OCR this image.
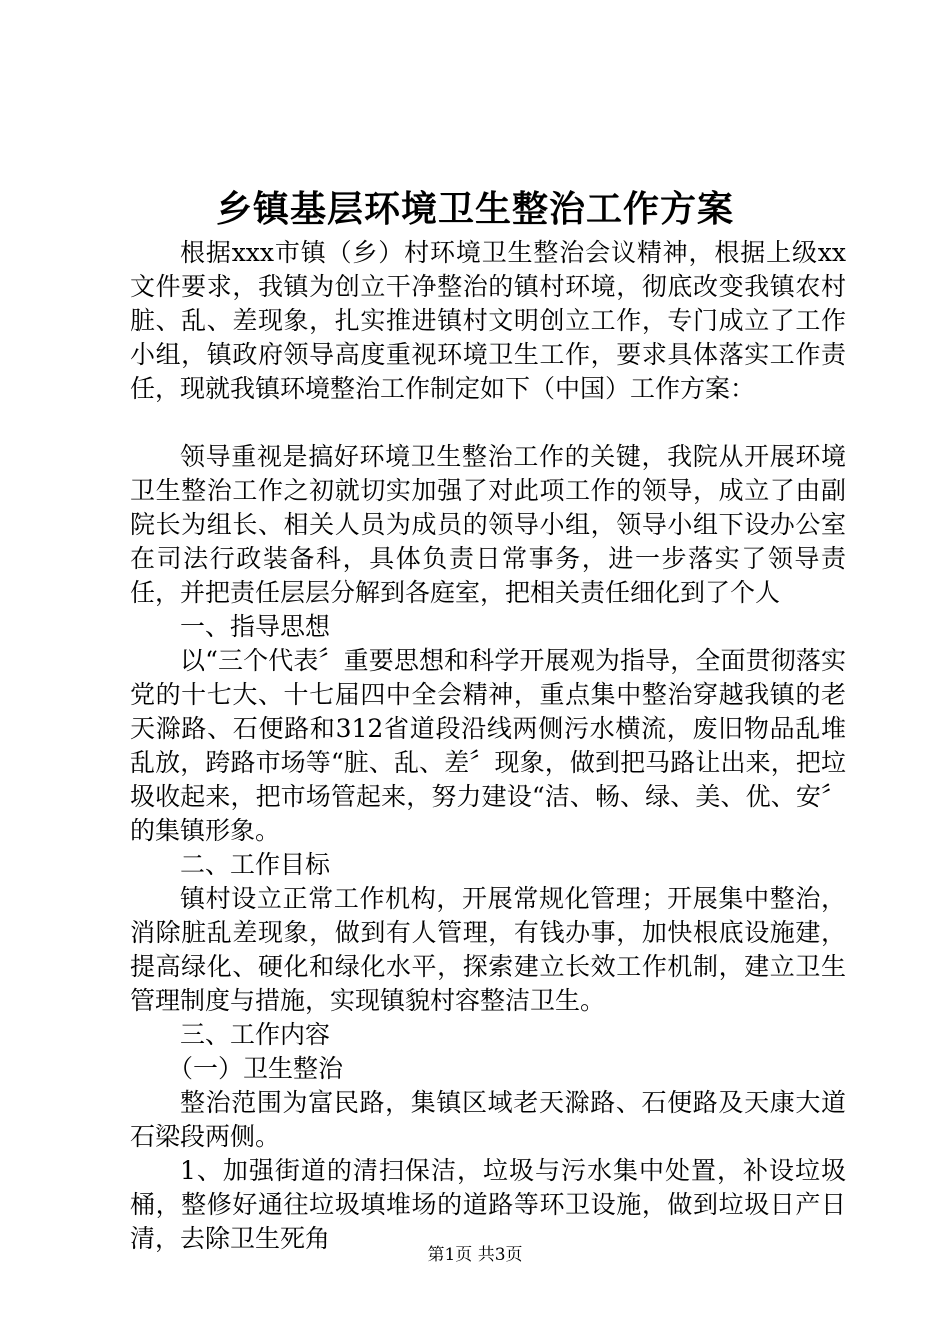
乡镇基层环境卫生整治工作方案

根据xxx市镇（乡）村环境卫生整治会议精神，根据上级xx文件要求，我镇为创立干净整治的镇村环境，彻底改变我镇农村脏、乱、差现象，扎实推进镇村文明创立工作，专门成立了工作小组，镇政府领导高度重视环境卫生工作，要求具体落实工作责任，现就我镇环境整治工作制定如下（中国）工作方案：

领导重视是搞好环境卫生整治工作的关键，我院从开展环境卫生整治工作之初就切实加强了对此项工作的领导，成立了由副院长为组长、相关人员为成员的领导小组，领导小组下设办公室在司法行政装备科，具体负责日常事务，进一步落实了领导责任，并把责任层层分解到各庭室，把相关责任细化到了个人

一、指导思想

以“三个代表〞重要思想和科学开展观为指导，全面贯彻落实党的十七大、十七届四中全会精神，重点集中整治穿越我镇的老天滁路、石便路和312省道段沿线两侧污水横流，废旧物品乱堆乱放，跨路市场等“脏、乱、差〞现象，做到把马路让出来，把垃圾收起来，把市场管起来，努力建设“洁、畅、绿、美、优、安〞的集镇形象。

二、工作目标

镇村设立正常工作机构，开展常规化管理；开展集中整治，消除脏乱差现象，做到有人管理，有钱办事，加快根底设施建，提高绿化、硬化和绿化水平，探索建立长效工作机制，建立卫生管理制度与措施，实现镇貌村容整洁卫生。

三、工作内容

（一）卫生整治

整治范围为富民路，集镇区域老天滁路、石便路及天康大道石梁段两侧。

1、加强街道的清扫保洁，垃圾与污水集中处置，补设垃圾桶，整修好通往垃圾填堆场的道路等环卫设施，做到垃圾日产日清，去除卫生死角

第1页 共3页
